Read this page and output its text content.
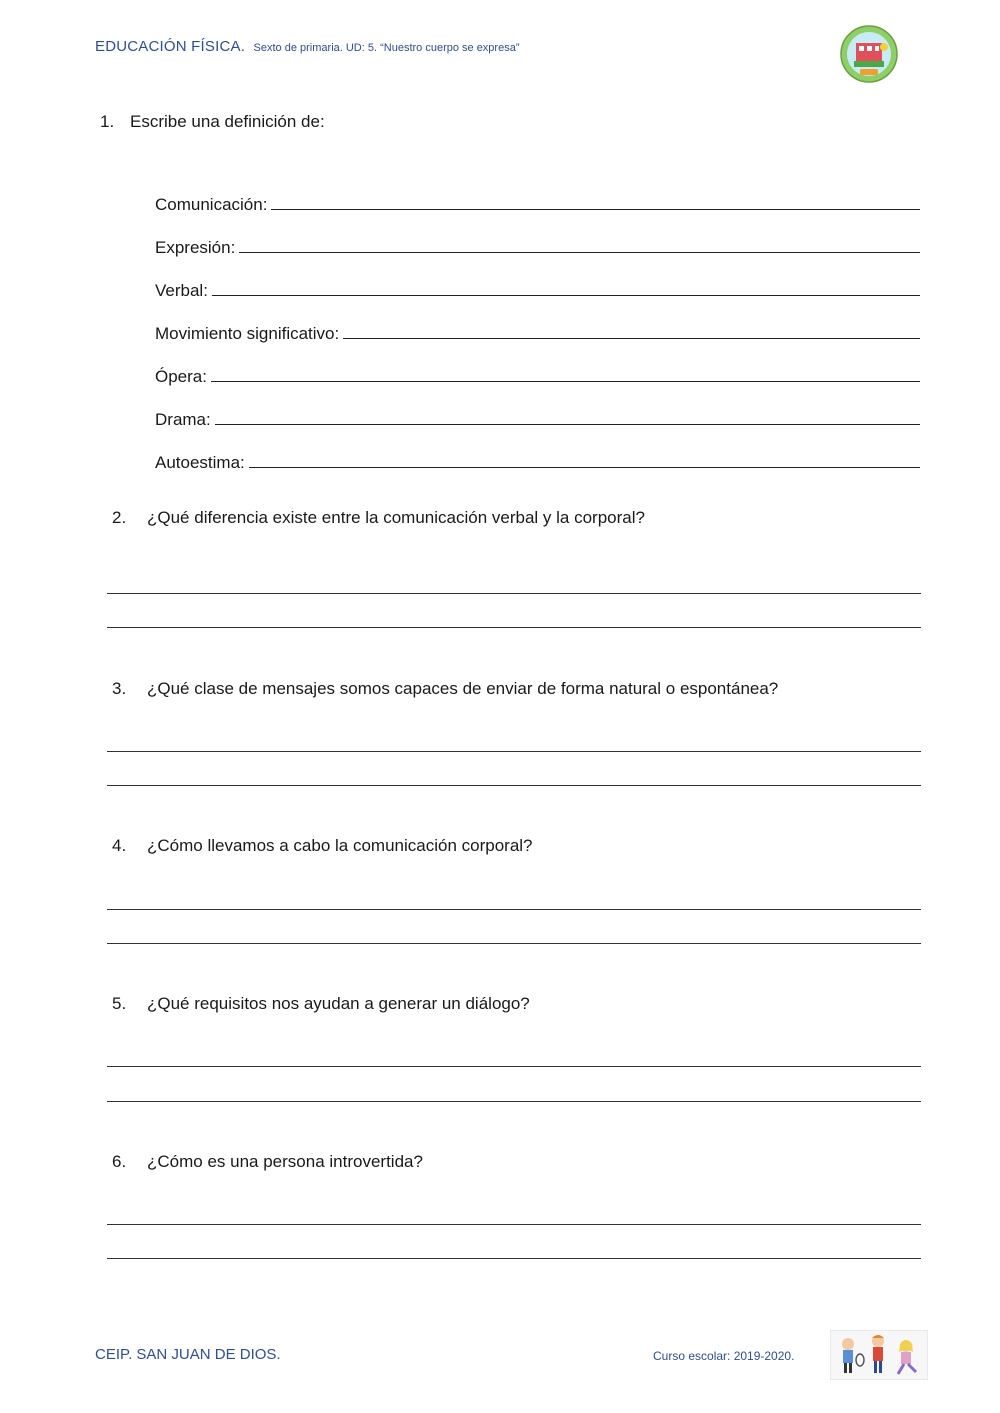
EDUCACIÓN FÍSICA. Sexto de primaria. UD: 5. “Nuestro cuerpo se expresa”
1. Escribe una definición de:
Comunicación:
Expresión:
Verbal:
Movimiento significativo:
Ópera:
Drama:
Autoestima:
2. ¿Qué diferencia existe entre la comunicación verbal y la corporal?
3. ¿Qué clase de mensajes somos capaces de enviar de forma natural o espontánea?
4. ¿Cómo llevamos a cabo la comunicación corporal?
5. ¿Qué requisitos nos ayudan a generar un diálogo?
6. ¿Cómo es una persona introvertida?
CEIP. SAN JUAN DE DIOS.	Curso escolar: 2019-2020.
